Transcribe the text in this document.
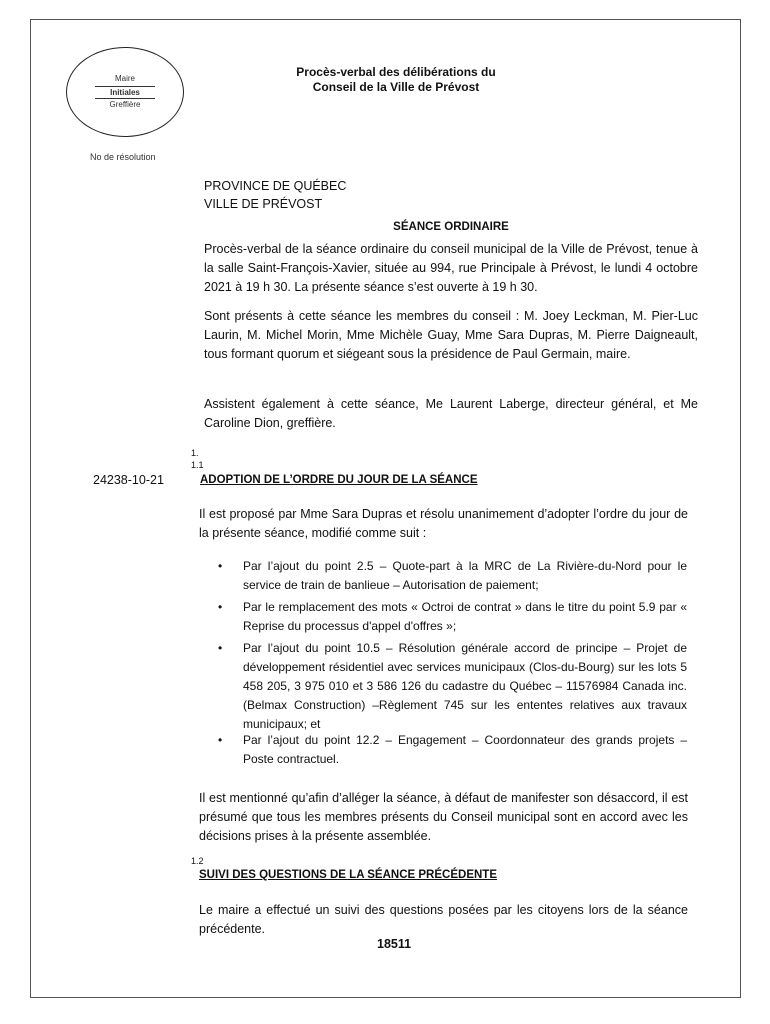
Maire
Initiales
Greffière
Procès-verbal des délibérations du
Conseil de la Ville de Prévost
No de résolution
PROVINCE DE QUÉBEC
VILLE DE PRÉVOST
SÉANCE ORDINAIRE
Procès-verbal de la séance ordinaire du conseil municipal de la Ville de Prévost, tenue à la salle Saint-François-Xavier, située au 994, rue Principale à Prévost, le lundi 4 octobre 2021 à 19 h 30. La présente séance s’est ouverte à 19 h 30.
Sont présents à cette séance les membres du conseil : M. Joey Leckman, M. Pier-Luc Laurin, M. Michel Morin, Mme Michèle Guay, Mme Sara Dupras, M. Pierre Daigneault, tous formant quorum et siégeant sous la présidence de Paul Germain, maire.
Assistent également à cette séance, Me Laurent Laberge, directeur général, et Me Caroline Dion, greffière.
1.
1.1
24238-10-21	ADOPTION DE L’ORDRE DU JOUR DE LA SÉANCE
Il est proposé par Mme Sara Dupras et résolu unanimement d’adopter l’ordre du jour de la présente séance, modifié comme suit :
• Par l’ajout du point 2.5 – Quote-part à la MRC de La Rivière-du-Nord pour le service de train de banlieue – Autorisation de paiement;
• Par le remplacement des mots « Octroi de contrat » dans le titre du point 5.9 par « Reprise du processus d'appel d'offres »;
• Par l’ajout du point 10.5 – Résolution générale accord de principe – Projet de développement résidentiel avec services municipaux (Clos-du-Bourg) sur les lots 5 458 205, 3 975 010 et 3 586 126 du cadastre du Québec – 11576984 Canada inc. (Belmax Construction) –Règlement 745 sur les ententes relatives aux travaux municipaux; et
• Par l’ajout du point 12.2 – Engagement – Coordonnateur des grands projets – Poste contractuel.
Il est mentionné qu’afin d’alléger la séance, à défaut de manifester son désaccord, il est présumé que tous les membres présents du Conseil municipal sont en accord avec les décisions prises à la présente assemblée.
1.2
SUIVI DES QUESTIONS DE LA SÉANCE PRÉCÉDENTE
Le maire a effectué un suivi des questions posées par les citoyens lors de la séance précédente.
18511
